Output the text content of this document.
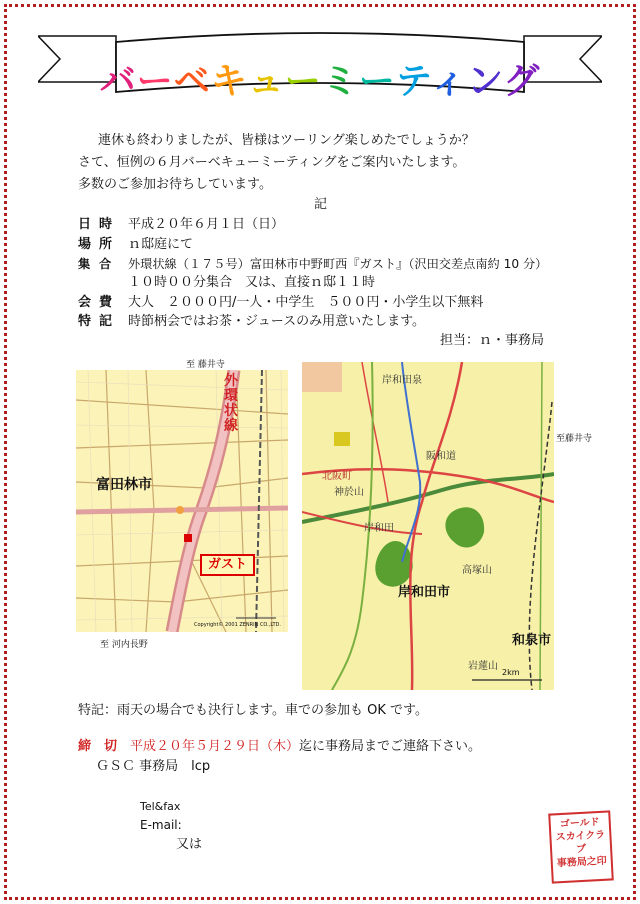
バーベキューミーティング
連休も終わりましたが、皆様はツーリング楽しめたでしょうか？
さて、恒例の６月バーベキューミーティングをご案内いたします。
多数のご参加お待ちしています。
記
日 時 平成２０年６月１日（日）
場 所 ｎ邸庭にて
集 合 外環状線（１７５号）富田林市中野町西『ガスト』（沢田交差点南約 10 分）
１０時００分集合　又は、直接ｎ邸１１時
会 費 大人　２０００円/一人・中学生　５００円・小学生以下無料
特 記 時節柄会ではお茶・ジュースのみ用意いたします。
担当：ｎ・事務局
至 藤井寺
外環状線
富田林市
ガスト
Copyright© 2001 ZENRIN CO.,LTD.
至 河内長野
岸和田泉
阪和道
北阪町
神於山
岸和田
高塚山
岩蓮山
岸和田市
和泉市
2km
至藤井寺
特記：雨天の場合でも決行します。車での参加も OK です。
締　切　 平成２０年５月２９日（木）迄に事務局までご連絡下さい。
ＧＳＣ 事務局　lcp
Tel&fax
E-mail:
又は
ゴールド
スカイクラブ
事務局之印
